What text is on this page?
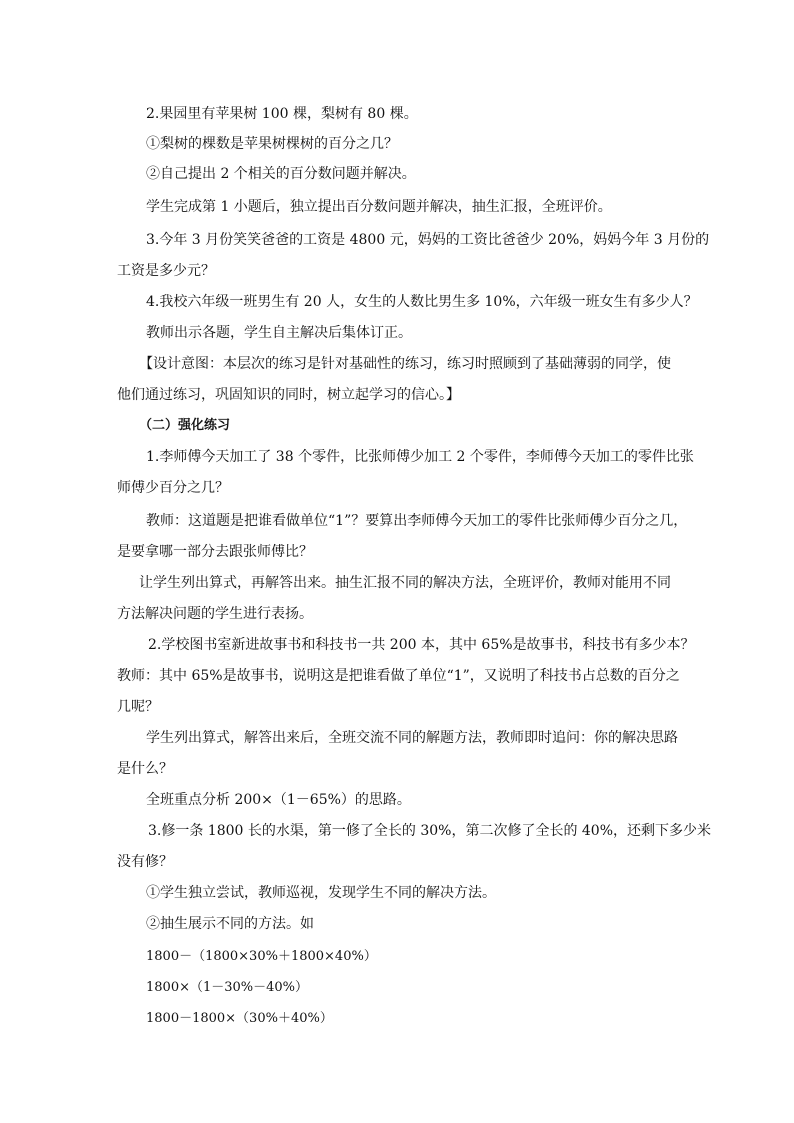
2.果园里有苹果树 100 棵，梨树有 80 棵。
①梨树的棵数是苹果树棵树的百分之几？
②自己提出 2 个相关的百分数问题并解决。
学生完成第 1 小题后，独立提出百分数问题并解决，抽生汇报，全班评价。
3.今年 3 月份笑笑爸爸的工资是 4800 元，妈妈的工资比爸爸少 20%，妈妈今年 3 月份的
工资是多少元？
4.我校六年级一班男生有 20 人，女生的人数比男生多 10%，六年级一班女生有多少人？
教师出示各题，学生自主解决后集体订正。
【设计意图：本层次的练习是针对基础性的练习，练习时照顾到了基础薄弱的同学，使
他们通过练习，巩固知识的同时，树立起学习的信心。】
（二）强化练习
1.李师傅今天加工了 38 个零件，比张师傅少加工 2 个零件，李师傅今天加工的零件比张
师傅少百分之几？
教师：这道题是把谁看做单位“1”？要算出李师傅今天加工的零件比张师傅少百分之几，
是要拿哪一部分去跟张师傅比？
让学生列出算式，再解答出来。抽生汇报不同的解决方法，全班评价，教师对能用不同
方法解决问题的学生进行表扬。
2.学校图书室新进故事书和科技书一共 200 本，其中 65%是故事书，科技书有多少本？
教师：其中 65%是故事书，说明这是把谁看做了单位“1”，又说明了科技书占总数的百分之
几呢？
学生列出算式，解答出来后，全班交流不同的解题方法，教师即时追问：你的解决思路
是什么？
全班重点分析 200×（1－65%）的思路。
3.修一条 1800 长的水渠，第一修了全长的 30%，第二次修了全长的 40%，还剩下多少米
没有修？
①学生独立尝试，教师巡视，发现学生不同的解决方法。
②抽生展示不同的方法。如
1800－（1800×30%＋1800×40%）
1800×（1－30%－40%）
1800－1800×（30%＋40%）
